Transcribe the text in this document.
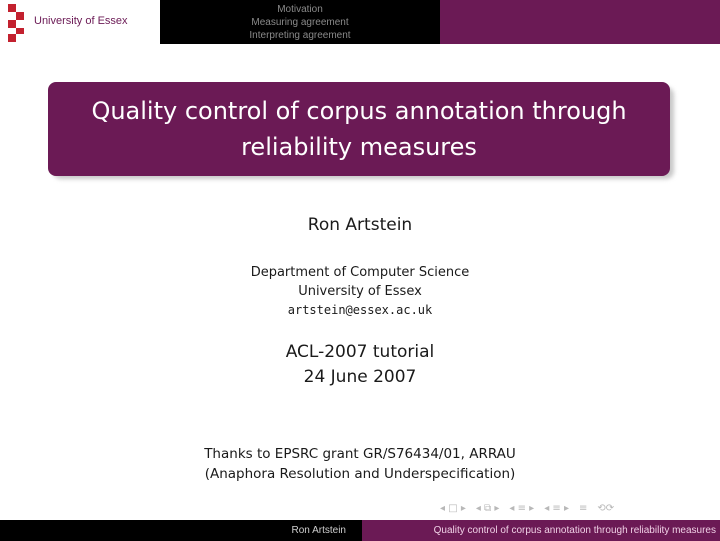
University of Essex
Motivation
Measuring agreement
Interpreting agreement
Quality control of corpus annotation through
reliability measures
Ron Artstein
Department of Computer Science
University of Essex
artstein@essex.ac.uk
ACL-2007 tutorial
24 June 2007
Thanks to EPSRC grant GR/S76434/01, ARRAU
(Anaphora Resolution and Underspecification)
◂ □ ▸ ◂ ⧉ ▸ ◂ ≡ ▸ ◂ ≡ ▸ ≡ ⟲⟳
Ron Artstein	Quality control of corpus annotation through reliability measures
